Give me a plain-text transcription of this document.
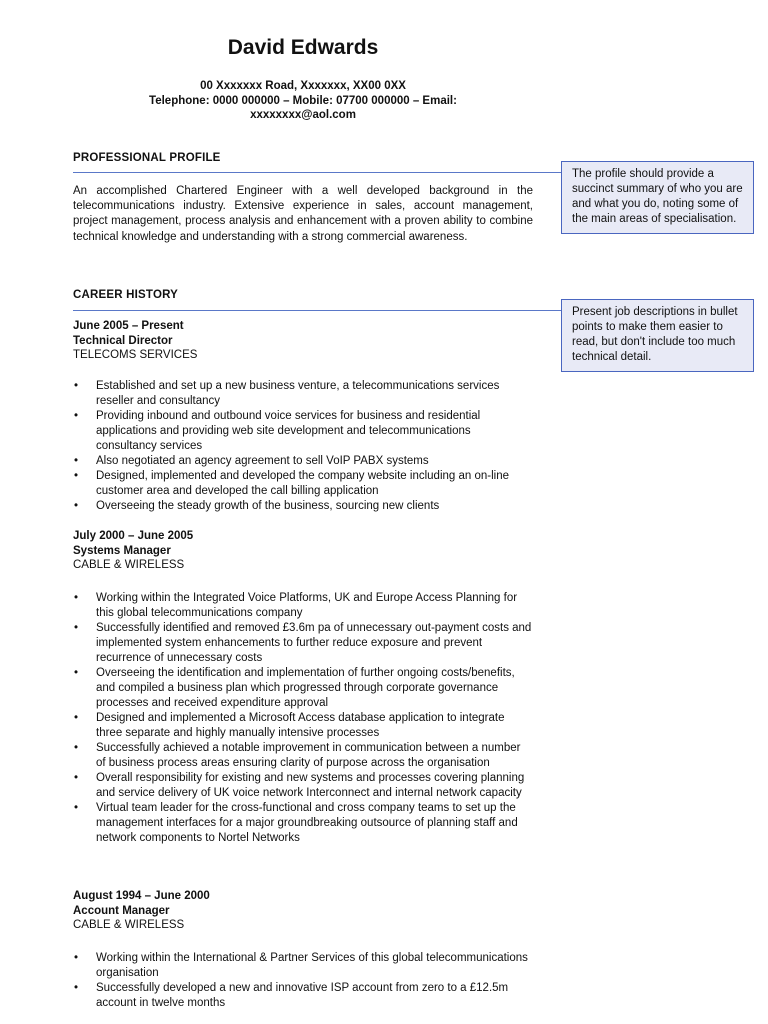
David Edwards
00 Xxxxxxx Road, Xxxxxxx, XX00 0XX
Telephone: 0000 000000 – Mobile: 07700 000000 – Email:
xxxxxxxx@aol.com
PROFESSIONAL PROFILE
The profile should provide a succinct summary of who you are and what you do, noting some of the main areas of specialisation.
An accomplished Chartered Engineer with a well developed background in the telecommunications industry. Extensive experience in sales, account management, project management, process analysis and enhancement with a proven ability to combine technical knowledge and understanding with a strong commercial awareness.
CAREER HISTORY
Present job descriptions in bullet points to make them easier to read, but don't include too much technical detail.
June 2005 – Present
Technical Director
TELECOMS SERVICES
• Established and set up a new business venture, a telecommunications services reseller and consultancy
• Providing inbound and outbound voice services for business and residential applications and providing web site development and telecommunications consultancy services
• Also negotiated an agency agreement to sell VoIP PABX systems
• Designed, implemented and developed the company website including an on-line customer area and developed the call billing application
• Overseeing the steady growth of the business, sourcing new clients
July 2000 – June 2005
Systems Manager
CABLE & WIRELESS
• Working within the Integrated Voice Platforms, UK and Europe Access Planning for this global telecommunications company
• Successfully identified and removed £3.6m pa of unnecessary out-payment costs and implemented system enhancements to further reduce exposure and prevent recurrence of unnecessary costs
• Overseeing the identification and implementation of further ongoing costs/benefits, and compiled a business plan which progressed through corporate governance processes and received expenditure approval
• Designed and implemented a Microsoft Access database application to integrate three separate and highly manually intensive processes
• Successfully achieved a notable improvement in communication between a number of business process areas ensuring clarity of purpose across the organisation
• Overall responsibility for existing and new systems and processes covering planning and service delivery of UK voice network Interconnect and internal network capacity
• Virtual team leader for the cross-functional and cross company teams to set up the management interfaces for a major groundbreaking outsource of planning staff and network components to Nortel Networks
August 1994 – June 2000
Account Manager
CABLE & WIRELESS
• Working within the International & Partner Services of this global telecommunications organisation
• Successfully developed a new and innovative ISP account from zero to a £12.5m account in twelve months
